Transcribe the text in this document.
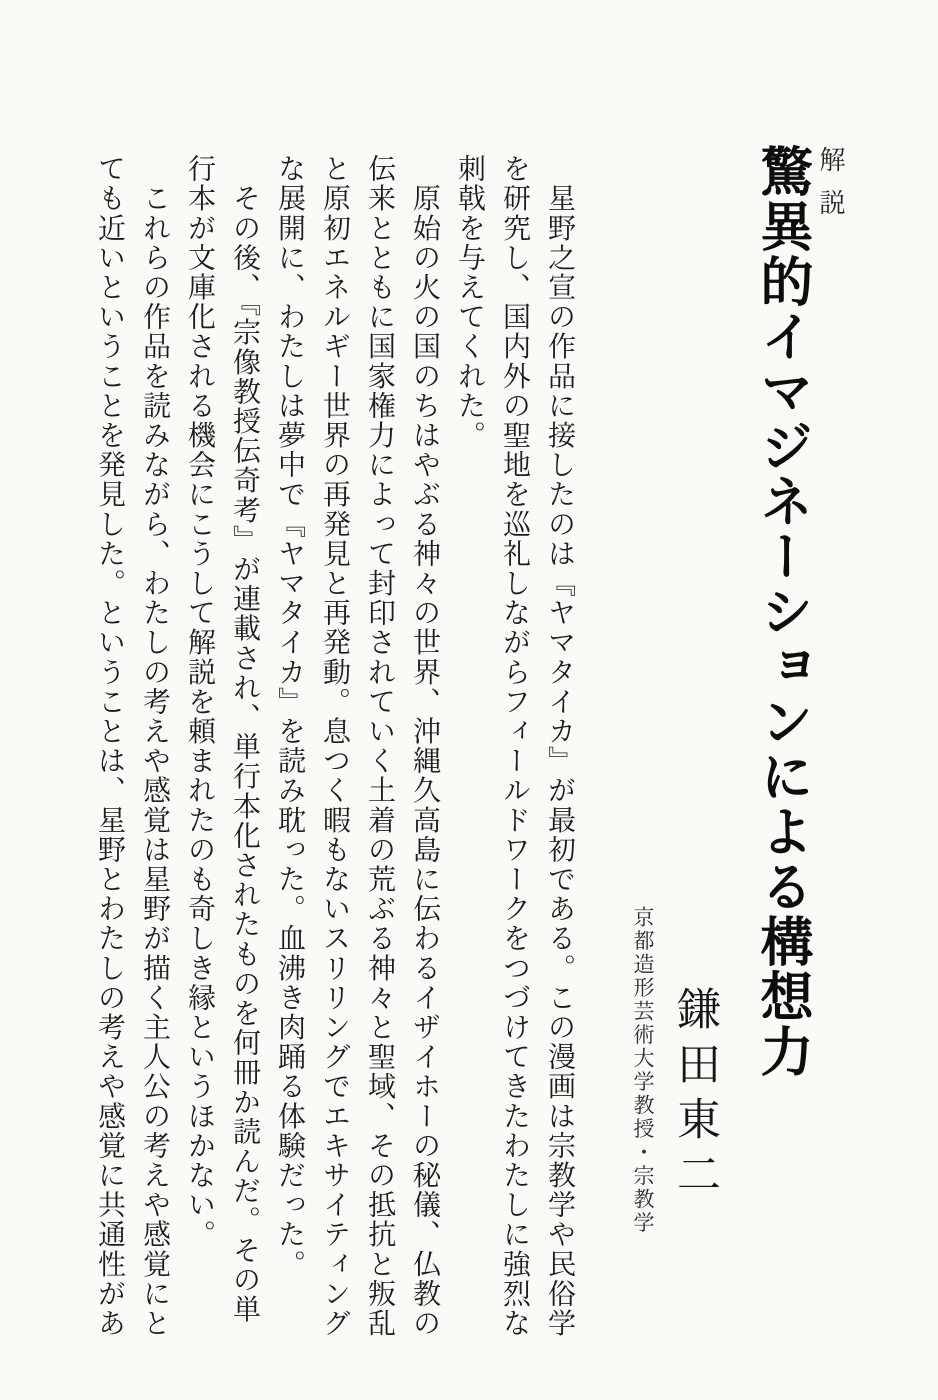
解説
驚異的イマジネーションによる構想力
京都造形芸術大学教授・宗教学 鎌田東二
　星野之宣の作品に接したのは『ヤマタイカ』が最初である。この漫画は宗教学や民俗学
を研究し、国内外の聖地を巡礼しながらフィールドワークをつづけてきたわたしに強烈な
刺戟を与えてくれた。
　原始の火の国のちはやぶる神々の世界、沖縄久高島に伝わるイザイホーの秘儀、仏教の
伝来とともに国家権力によって封印されていく土着の荒ぶる神々と聖域、その抵抗と叛乱
と原初エネルギー世界の再発見と再発動。息つく暇もないスリリングでエキサイティング
な展開に、わたしは夢中で『ヤマタイカ』を読み耽った。血沸き肉踊る体験だった。
　その後、『宗像教授伝奇考』が連載され、単行本化されたものを何冊か読んだ。その単
行本が文庫化される機会にこうして解説を頼まれたのも奇しき縁というほかない。
　これらの作品を読みながら、わたしの考えや感覚は星野が描く主人公の考えや感覚にと
ても近いということを発見した。ということは、星野とわたしの考えや感覚に共通性があ
